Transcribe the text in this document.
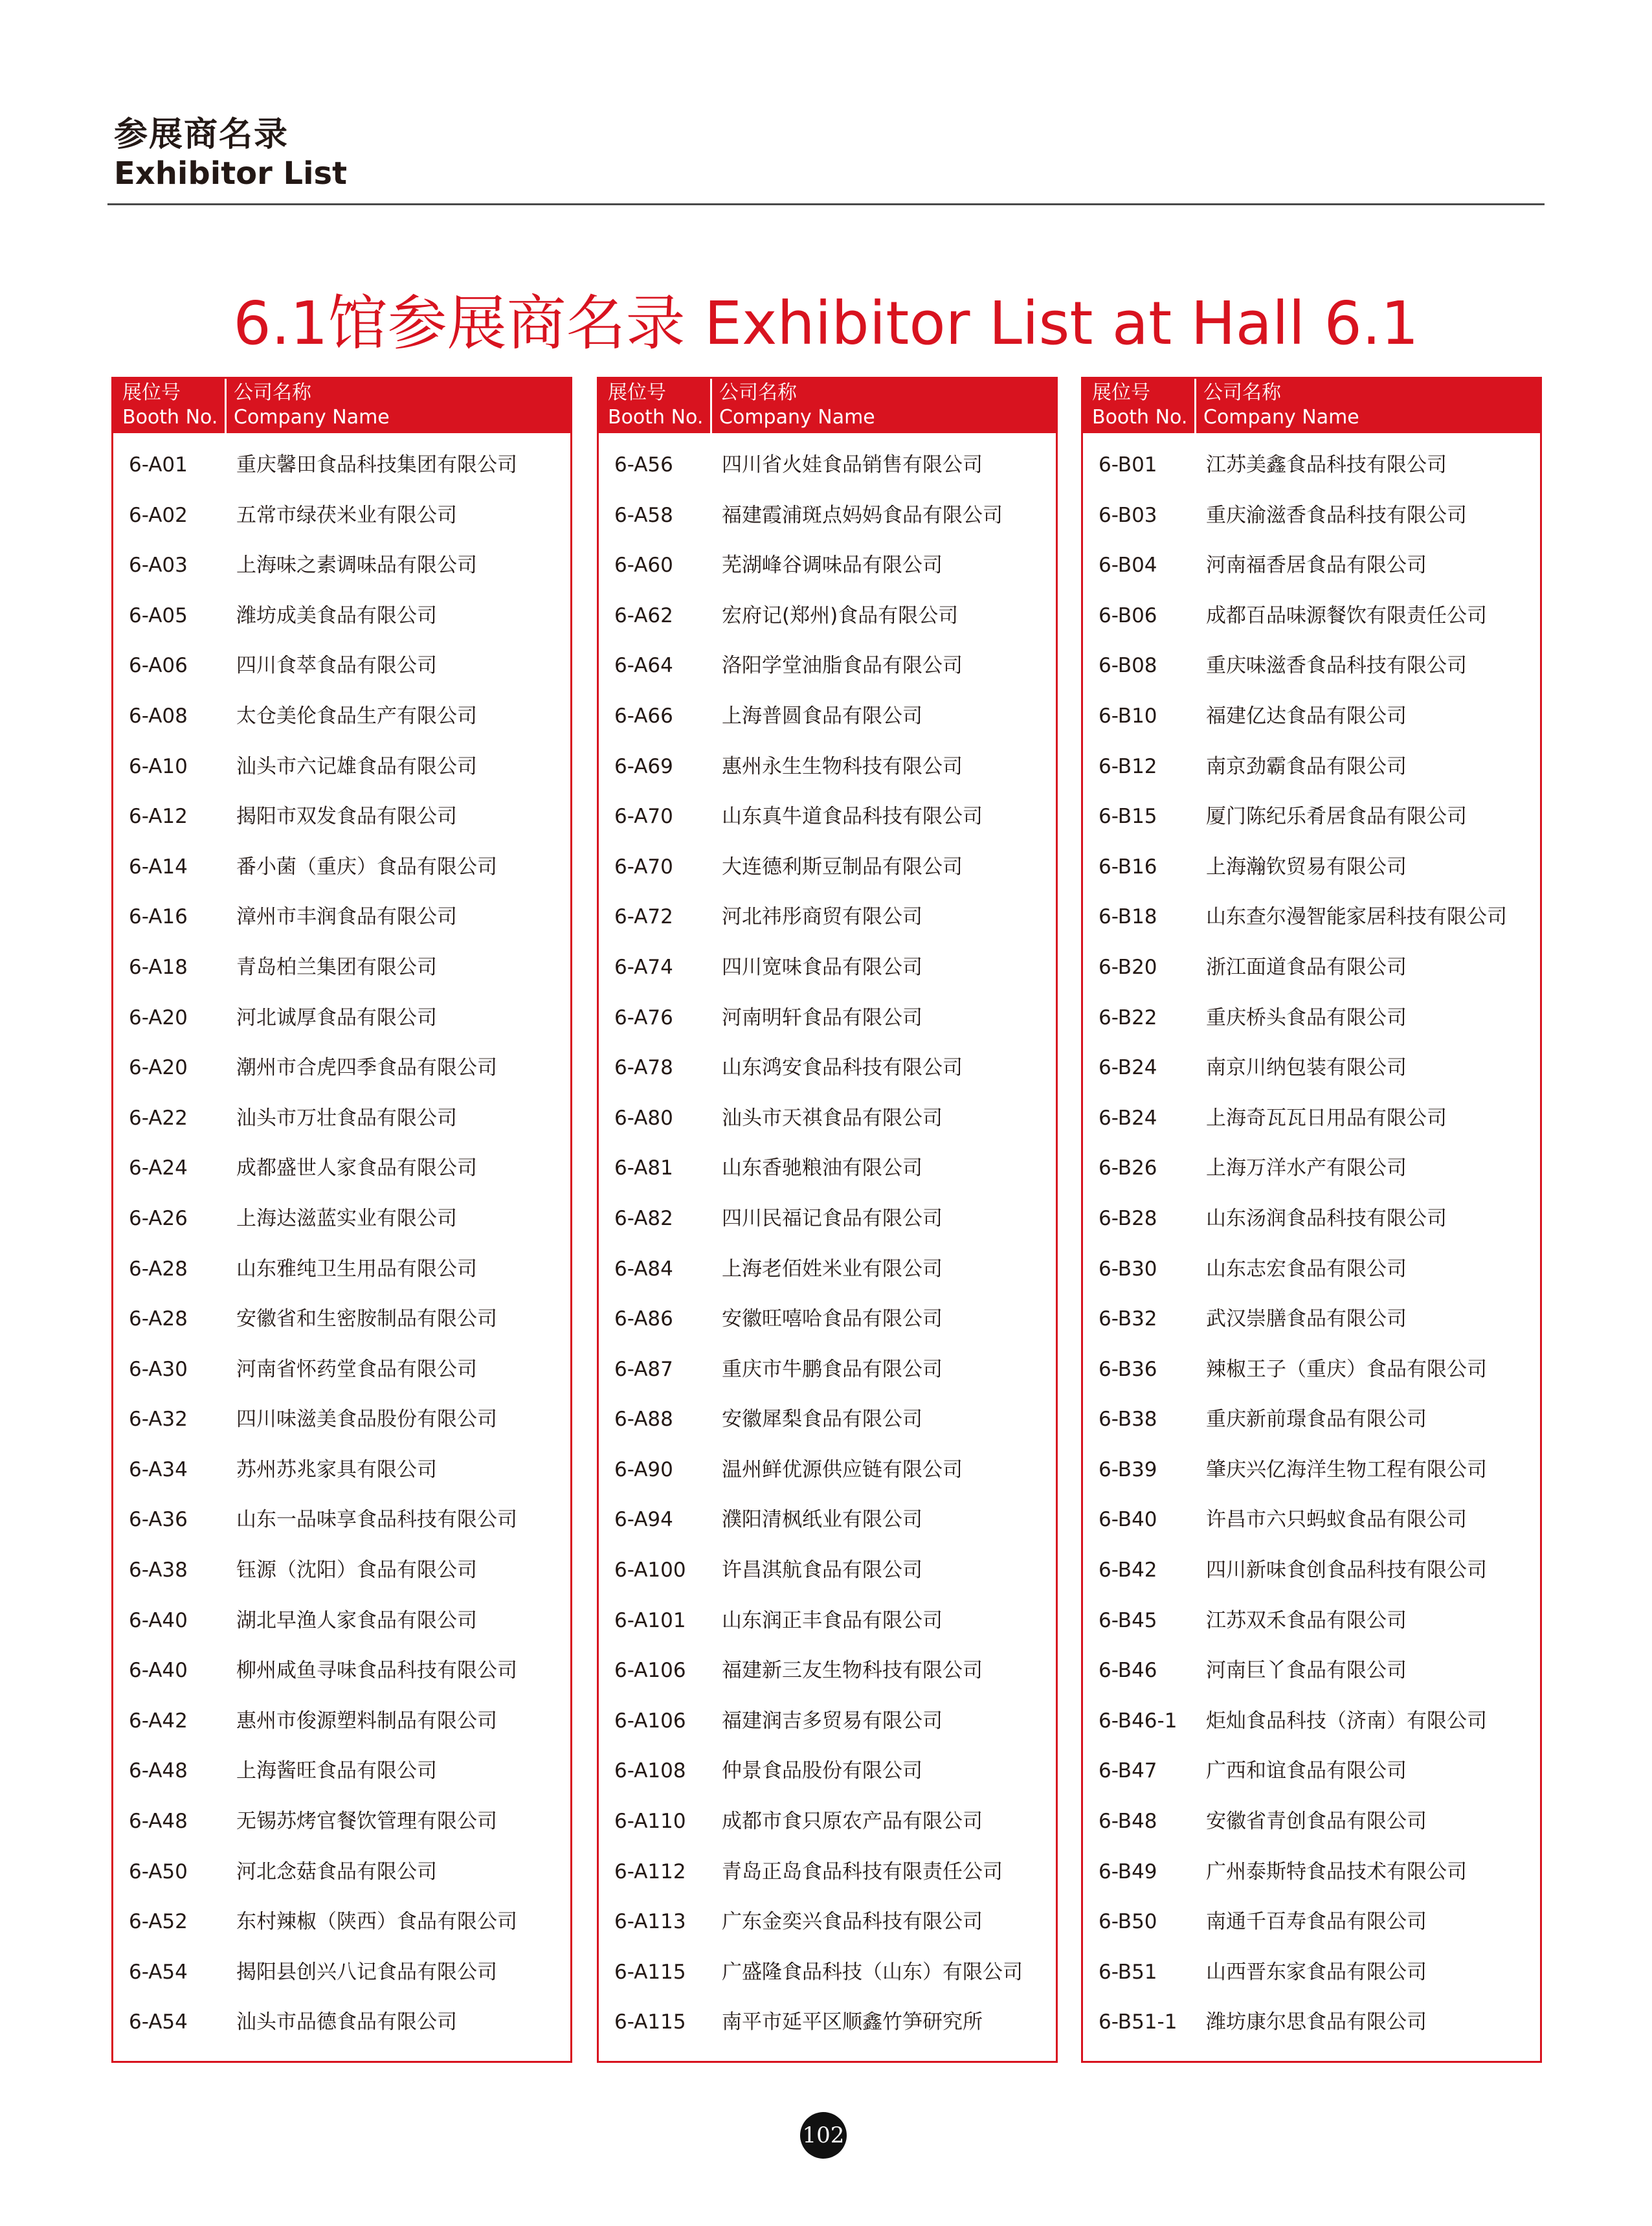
参展商名录
Exhibitor List
6.1馆参展商名录 Exhibitor List at Hall 6.1
展位号
Booth No.
公司名称
Company Name
6-A01 重庆馨田食品科技集团有限公司
6-A02 五常市绿茯米业有限公司
6-A03 上海味之素调味品有限公司
6-A05 潍坊成美食品有限公司
6-A06 四川食萃食品有限公司
6-A08 太仓美伦食品生产有限公司
6-A10 汕头市六记雄食品有限公司
6-A12 揭阳市双发食品有限公司
6-A14 番小菌（重庆）食品有限公司
6-A16 漳州市丰润食品有限公司
6-A18 青岛柏兰集团有限公司
6-A20 河北诚厚食品有限公司
6-A20 潮州市合虎四季食品有限公司
6-A22 汕头市万壮食品有限公司
6-A24 成都盛世人家食品有限公司
6-A26 上海达滋蓝实业有限公司
6-A28 山东雅纯卫生用品有限公司
6-A28 安徽省和生密胺制品有限公司
6-A30 河南省怀药堂食品有限公司
6-A32 四川味滋美食品股份有限公司
6-A34 苏州苏兆家具有限公司
6-A36 山东一品味享食品科技有限公司
6-A38 钰源（沈阳）食品有限公司
6-A40 湖北早渔人家食品有限公司
6-A40 柳州咸鱼寻味食品科技有限公司
6-A42 惠州市俊源塑料制品有限公司
6-A48 上海酱旺食品有限公司
6-A48 无锡苏烤官餐饮管理有限公司
6-A50 河北念菇食品有限公司
6-A52 东村辣椒（陕西）食品有限公司
6-A54 揭阳县创兴八记食品有限公司
6-A54 汕头市品德食品有限公司
展位号
Booth No.
公司名称
Company Name
6-A56 四川省火娃食品销售有限公司
6-A58 福建霞浦斑点妈妈食品有限公司
6-A60 芜湖峰谷调味品有限公司
6-A62 宏府记(郑州)食品有限公司
6-A64 洛阳学堂油脂食品有限公司
6-A66 上海普圆食品有限公司
6-A69 惠州永生生物科技有限公司
6-A70 山东真牛道食品科技有限公司
6-A70 大连德利斯豆制品有限公司
6-A72 河北祎彤商贸有限公司
6-A74 四川宽味食品有限公司
6-A76 河南明轩食品有限公司
6-A78 山东鸿安食品科技有限公司
6-A80 汕头市天祺食品有限公司
6-A81 山东香驰粮油有限公司
6-A82 四川民福记食品有限公司
6-A84 上海老佰姓米业有限公司
6-A86 安徽旺嘻哈食品有限公司
6-A87 重庆市牛鹏食品有限公司
6-A88 安徽犀梨食品有限公司
6-A90 温州鲜优源供应链有限公司
6-A94 濮阳清枫纸业有限公司
6-A100 许昌淇航食品有限公司
6-A101 山东润正丰食品有限公司
6-A106 福建新三友生物科技有限公司
6-A106 福建润吉多贸易有限公司
6-A108 仲景食品股份有限公司
6-A110 成都市食只原农产品有限公司
6-A112 青岛正岛食品科技有限责任公司
6-A113 广东金奕兴食品科技有限公司
6-A115 广盛隆食品科技（山东）有限公司
6-A115 南平市延平区顺鑫竹笋研究所
展位号
Booth No.
公司名称
Company Name
6-B01 江苏美鑫食品科技有限公司
6-B03 重庆渝滋香食品科技有限公司
6-B04 河南福香居食品有限公司
6-B06 成都百品味源餐饮有限责任公司
6-B08 重庆味滋香食品科技有限公司
6-B10 福建亿达食品有限公司
6-B12 南京劲霸食品有限公司
6-B15 厦门陈纪乐肴居食品有限公司
6-B16 上海瀚钦贸易有限公司
6-B18 山东查尔漫智能家居科技有限公司
6-B20 浙江面道食品有限公司
6-B22 重庆桥头食品有限公司
6-B24 南京川纳包装有限公司
6-B24 上海奇瓦瓦日用品有限公司
6-B26 上海万洋水产有限公司
6-B28 山东汤润食品科技有限公司
6-B30 山东志宏食品有限公司
6-B32 武汉崇膳食品有限公司
6-B36 辣椒王子（重庆）食品有限公司
6-B38 重庆新前璟食品有限公司
6-B39 肇庆兴亿海洋生物工程有限公司
6-B40 许昌市六只蚂蚁食品有限公司
6-B42 四川新味食创食品科技有限公司
6-B45 江苏双禾食品有限公司
6-B46 河南巨丫食品有限公司
6-B46-1 炬灿食品科技（济南）有限公司
6-B47 广西和谊食品有限公司
6-B48 安徽省青创食品有限公司
6-B49 广州泰斯特食品技术有限公司
6-B50 南通千百寿食品有限公司
6-B51 山西晋东家食品有限公司
6-B51-1 潍坊康尔思食品有限公司
102
